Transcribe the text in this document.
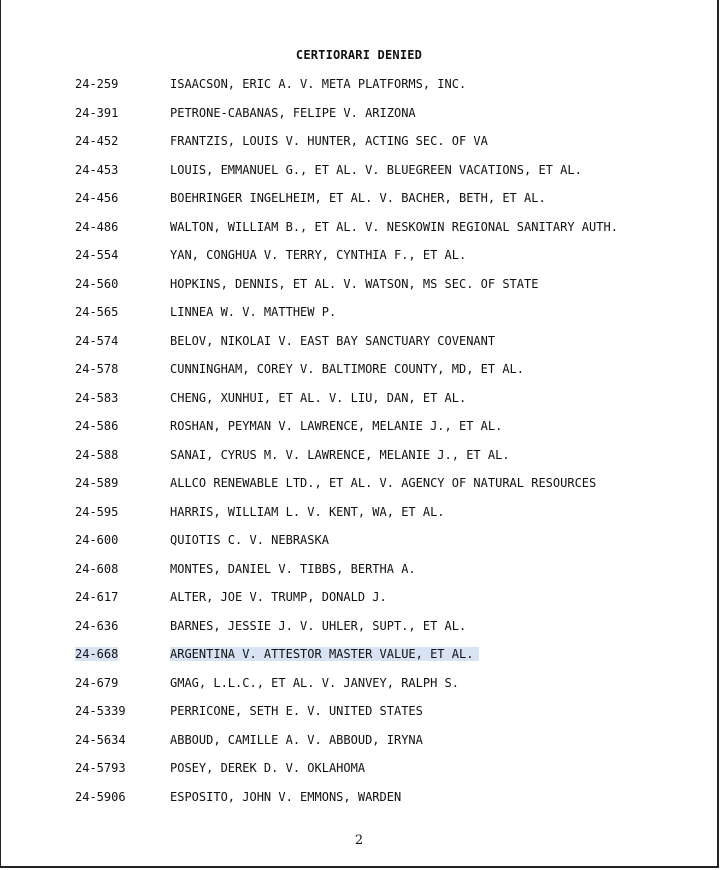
CERTIORARI DENIED
24-259	ISAACSON, ERIC A. V. META PLATFORMS, INC.
24-391	PETRONE-CABANAS, FELIPE V. ARIZONA
24-452	FRANTZIS, LOUIS V. HUNTER, ACTING SEC. OF VA
24-453	LOUIS, EMMANUEL G., ET AL. V. BLUEGREEN VACATIONS, ET AL.
24-456	BOEHRINGER INGELHEIM, ET AL. V. BACHER, BETH, ET AL.
24-486	WALTON, WILLIAM B., ET AL. V. NESKOWIN REGIONAL SANITARY AUTH.
24-554	YAN, CONGHUA V. TERRY, CYNTHIA F., ET AL.
24-560	HOPKINS, DENNIS, ET AL. V. WATSON, MS SEC. OF STATE
24-565	LINNEA W. V. MATTHEW P.
24-574	BELOV, NIKOLAI V. EAST BAY SANCTUARY COVENANT
24-578	CUNNINGHAM, COREY V. BALTIMORE COUNTY, MD, ET AL.
24-583	CHENG, XUNHUI, ET AL. V. LIU, DAN, ET AL.
24-586	ROSHAN, PEYMAN V. LAWRENCE, MELANIE J., ET AL.
24-588	SANAI, CYRUS M. V. LAWRENCE, MELANIE J., ET AL.
24-589	ALLCO RENEWABLE LTD., ET AL. V. AGENCY OF NATURAL RESOURCES
24-595	HARRIS, WILLIAM L. V. KENT, WA, ET AL.
24-600	QUIOTIS C. V. NEBRASKA
24-608	MONTES, DANIEL V. TIBBS, BERTHA A.
24-617	ALTER, JOE V. TRUMP, DONALD J.
24-636	BARNES, JESSIE J. V. UHLER, SUPT., ET AL.
24-668	ARGENTINA V. ATTESTOR MASTER VALUE, ET AL.
24-679	GMAG, L.L.C., ET AL. V. JANVEY, RALPH S.
24-5339	PERRICONE, SETH E. V. UNITED STATES
24-5634	ABBOUD, CAMILLE A. V. ABBOUD, IRYNA
24-5793	POSEY, DEREK D. V. OKLAHOMA
24-5906	ESPOSITO, JOHN V. EMMONS, WARDEN
2
